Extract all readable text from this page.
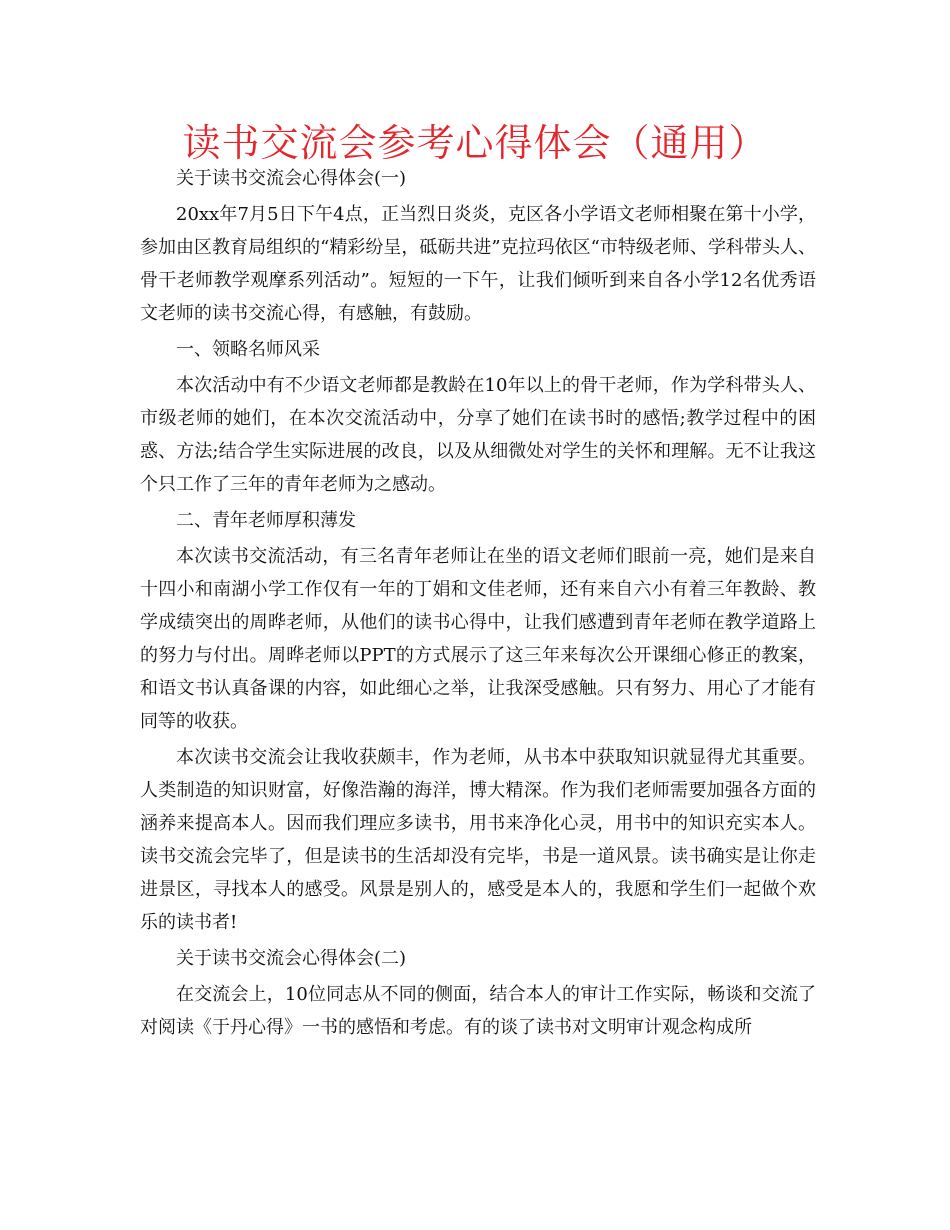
读书交流会参考心得体会（通用）

关于读书交流会心得体会(一)

20xx年7月5日下午4点，正当烈日炎炎，克区各小学语文老师相聚在第十小学，参加由区教育局组织的“精彩纷呈，砥砺共进”克拉玛依区“市特级老师、学科带头人、骨干老师教学观摩系列活动”。短短的一下午，让我们倾听到来自各小学12名优秀语文老师的读书交流心得，有感触，有鼓励。

一、领略名师风采

本次活动中有不少语文老师都是教龄在10年以上的骨干老师，作为学科带头人、市级老师的她们，在本次交流活动中，分享了她们在读书时的感悟;教学过程中的困惑、方法;结合学生实际进展的改良，以及从细微处对学生的关怀和理解。无不让我这个只工作了三年的青年老师为之感动。

二、青年老师厚积薄发

本次读书交流活动，有三名青年老师让在坐的语文老师们眼前一亮，她们是来自十四小和南湖小学工作仅有一年的丁娟和文佳老师，还有来自六小有着三年教龄、教学成绩突出的周晔老师，从他们的读书心得中，让我们感遭到青年老师在教学道路上的努力与付出。周晔老师以PPT的方式展示了这三年来每次公开课细心修正的教案，和语文书认真备课的内容，如此细心之举，让我深受感触。只有努力、用心了才能有同等的收获。

本次读书交流会让我收获颇丰，作为老师，从书本中获取知识就显得尤其重要。人类制造的知识财富，好像浩瀚的海洋，博大精深。作为我们老师需要加强各方面的涵养来提高本人。因而我们理应多读书，用书来净化心灵，用书中的知识充实本人。读书交流会完毕了，但是读书的生活却没有完毕，书是一道风景。读书确实是让你走进景区，寻找本人的感受。风景是别人的，感受是本人的，我愿和学生们一起做个欢乐的读书者!

关于读书交流会心得体会(二)

在交流会上，10位同志从不同的侧面，结合本人的审计工作实际，畅谈和交流了对阅读《于丹心得》一书的感悟和考虑。有的谈了读书对文明审计观念构成所
